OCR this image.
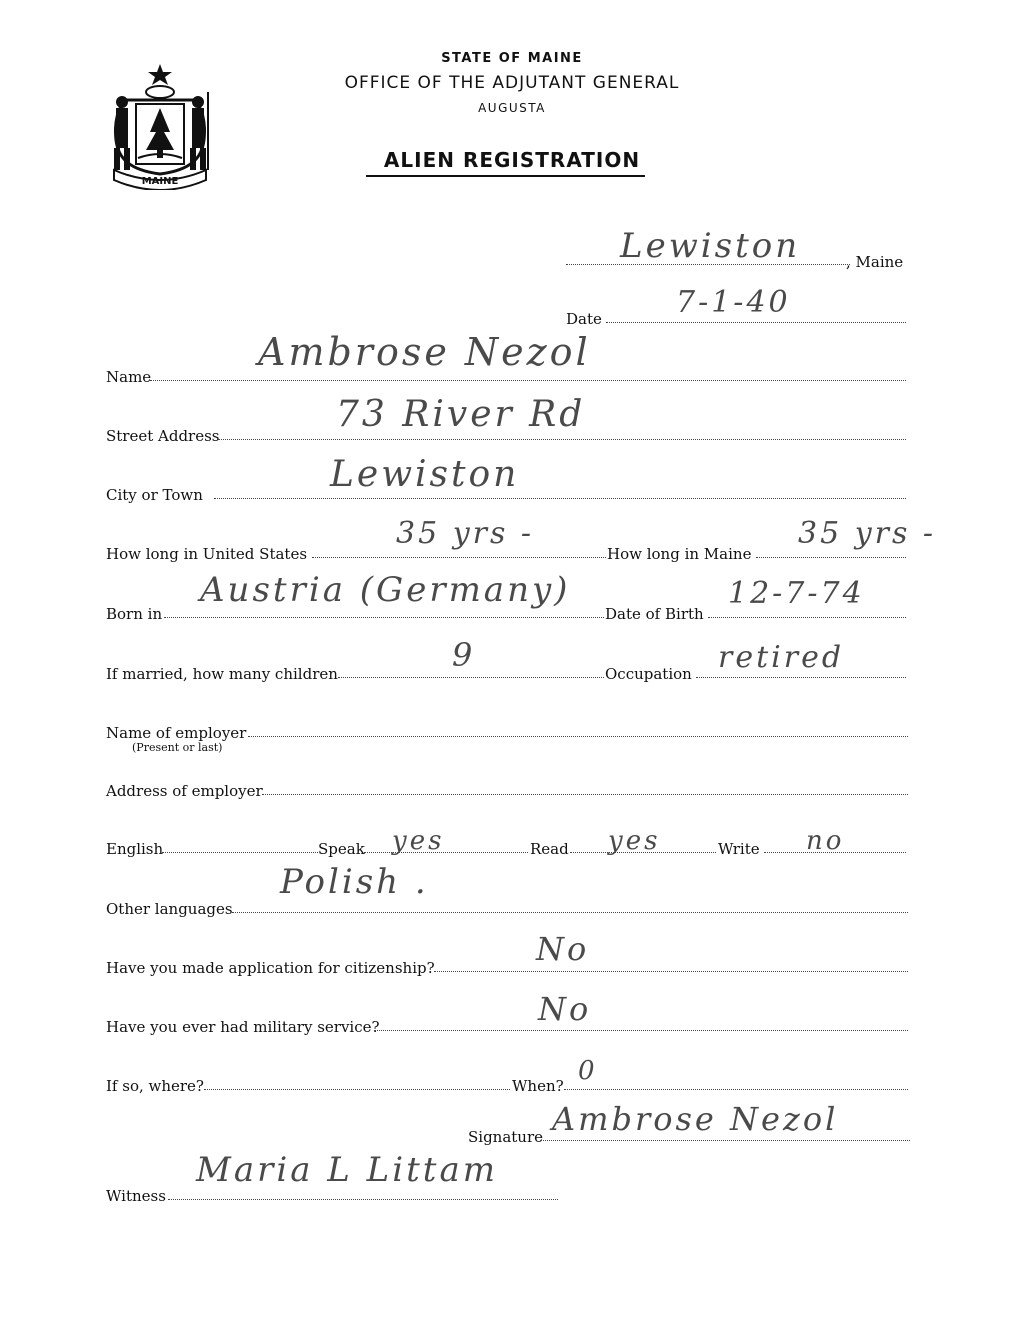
MAINE
STATE OF MAINE
OFFICE OF THE ADJUTANT GENERAL
AUGUSTA
ALIEN REGISTRATION
Lewiston	, Maine
Date 7-1-40
Name
Ambrose Nezol
Street Address
73 River Rd
City or Town	Lewiston
How long in United States
35 yrs -
How long in Maine
35 yrs -
Born in
Austria (Germany)
Date of Birth
12-7-74
If married, how many children	9	Occupation retired
Name of employer
(Present or last)
Address of employer
English	Speak yes	Read yes	Write no
Other languages
Polish .
Have you made application for citizenship?	No
Have you ever had military service?	No
If so, where?	When? 0
Signature Ambrose Nezol
Witness
Maria L Littam
